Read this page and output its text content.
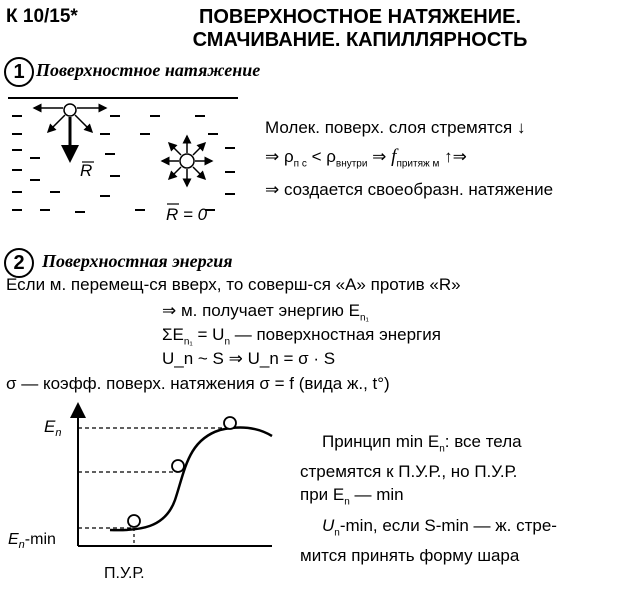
К 10/15*	ПОВЕРХНОСТНОЕ НАТЯЖЕНИЕ.
СМАЧИВАНИЕ. КАПИЛЛЯРНОСТЬ
1 Поверхностное натяжение
R
R = 0
Молек. поверх. слоя стремятся ↓
⇒ $\rho_{п с} < \rho_{внутри}$ ⇒ $f_{притяж м}$ ↑⇒
⇒ создается своеобразн. натяжение
2 Поверхностная энергия
Если м. перемещ-ся вверх, то соверш-ся «A» против «R»
⇒ м. получает энергию $E_{n_1}$
$\Sigma E_{n_1} = U_n$ — поверхностная энергия
U_n ~ S ⇒ U_n = σ · S
σ — коэфф. поверх. натяжения σ = f (вида ж., t°)
$E_n$
$E_n-\min$
П.У.Р.
Принцип $\min E_n$: все тела
стремятся к П.У.Р., но П.У.Р.
при $E_n$ — min
$U_n-\min$, если S-min — ж. стре-
мится принять форму шара
